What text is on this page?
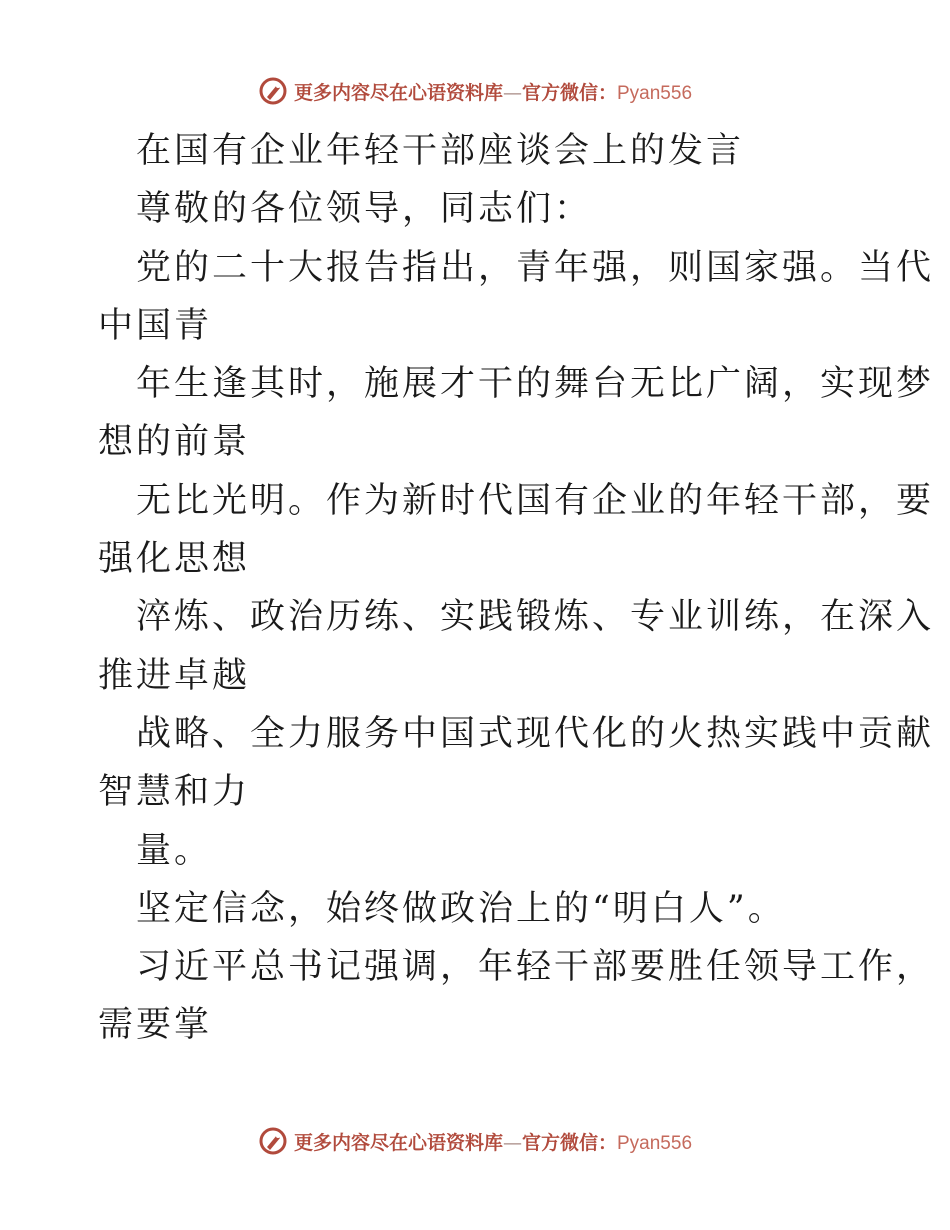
更多内容尽在心语资料库—官方微信：Pyan556
在国有企业年轻干部座谈会上的发言
尊敬的各位领导，同志们：
党的二十大报告指出，青年强，则国家强。当代
中国青
年生逢其时，施展才干的舞台无比广阔，实现梦
想的前景
无比光明。作为新时代国有企业的年轻干部，要
强化思想
淬炼、政治历练、实践锻炼、专业训练，在深入
推进卓越
战略、全力服务中国式现代化的火热实践中贡献
智慧和力
量。
坚定信念，始终做政治上的“明白人”。
习近平总书记强调，年轻干部要胜任领导工作，
需要掌
更多内容尽在心语资料库—官方微信：Pyan556
